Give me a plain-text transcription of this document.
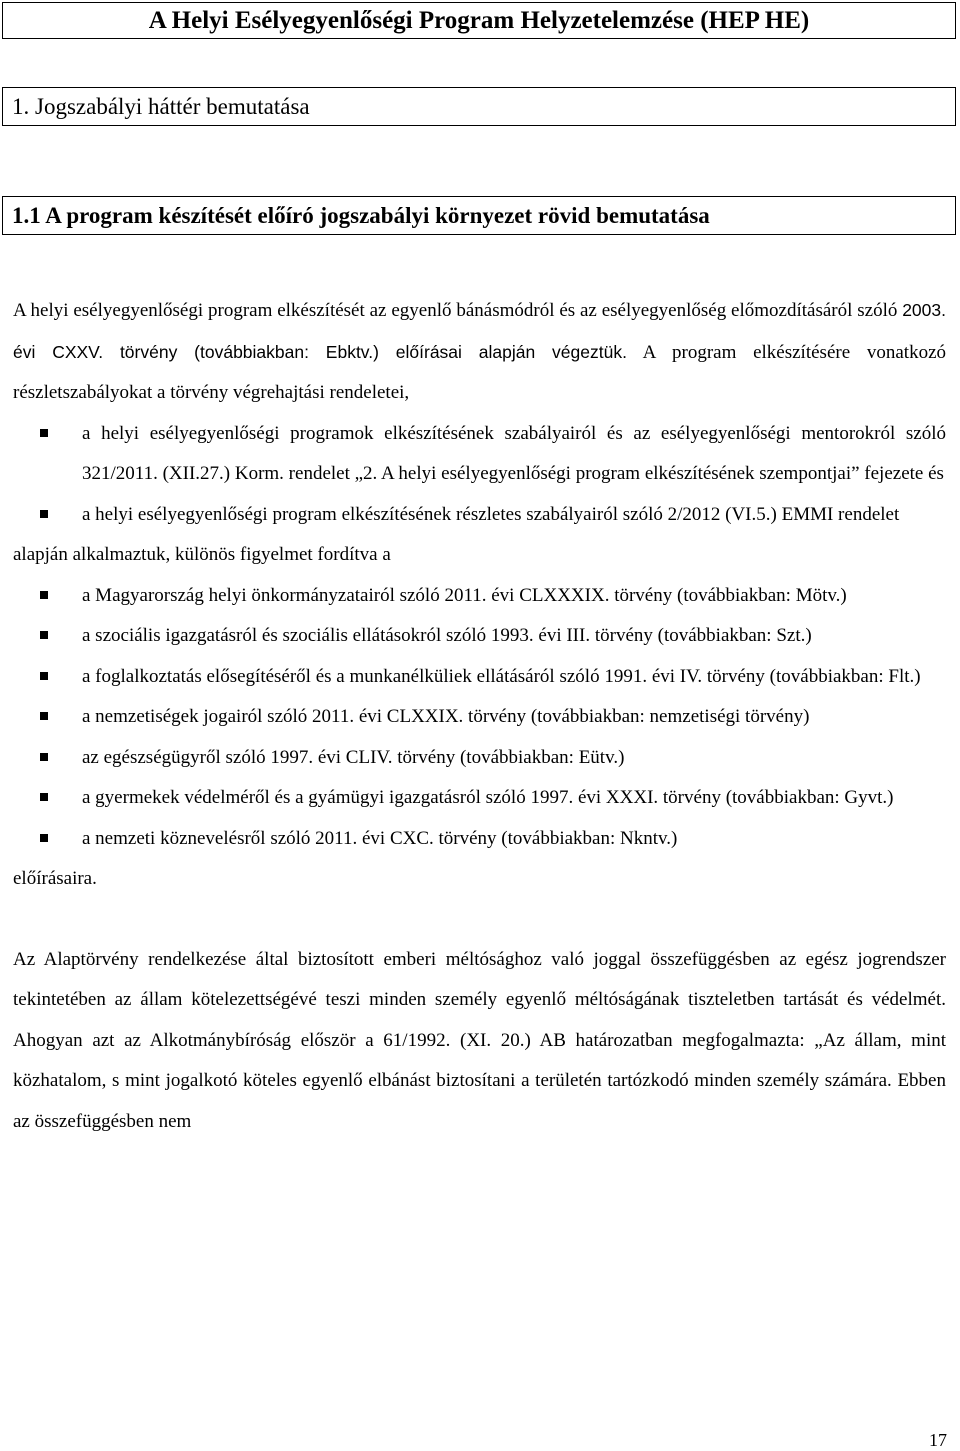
A Helyi Esélyegyenlőségi Program Helyzetelemzése (HEP HE)
1. Jogszabályi háttér bemutatása
1.1 A program készítését előíró jogszabályi környezet rövid bemutatása

A helyi esélyegyenlőségi program elkészítését az egyenlő bánásmódról és az esélyegyenlőség előmozdításáról szóló 2003. évi CXXV. törvény (továbbiakban: Ebktv.) előírásai alapján végeztük. A program elkészítésére vonatkozó részletszabályokat a törvény végrehajtási rendeletei,

a helyi esélyegyenlőségi programok elkészítésének szabályairól és az esélyegyenlőségi mentorokról szóló 321/2011. (XII.27.) Korm. rendelet „2. A helyi esélyegyenlőségi program elkészítésének szempontjai” fejezete és
a helyi esélyegyenlőségi program elkészítésének részletes szabályairól szóló 2/2012 (VI.5.) EMMI rendelet

alapján alkalmaztuk, különös figyelmet fordítva a

a Magyarország helyi önkormányzatairól szóló 2011. évi CLXXXIX. törvény (továbbiakban: Mötv.)
a szociális igazgatásról és szociális ellátásokról szóló 1993. évi III. törvény (továbbiakban: Szt.)
a foglalkoztatás elősegítéséről és a munkanélküliek ellátásáról szóló 1991. évi IV. törvény (továbbiakban: Flt.)
a nemzetiségek jogairól szóló 2011. évi CLXXIX. törvény (továbbiakban: nemzetiségi törvény)
az egészségügyről szóló 1997. évi CLIV. törvény (továbbiakban: Eütv.)
a gyermekek védelméről és a gyámügyi igazgatásról szóló 1997. évi XXXI. törvény (továbbiakban: Gyvt.)
a nemzeti köznevelésről szóló 2011. évi CXC. törvény (továbbiakban: Nkntv.)

előírásaira.

Az Alaptörvény rendelkezése által biztosított emberi méltósághoz való joggal összefüggésben az egész jogrendszer tekintetében az állam kötelezettségévé teszi minden személy egyenlő méltóságának tiszteletben tartását és védelmét. Ahogyan azt az Alkotmánybíróság először a 61/1992. (XI. 20.) AB határozatban megfogalmazta: „Az állam, mint közhatalom, s mint jogalkotó köteles egyenlő elbánást biztosítani a területén tartózkodó minden személy számára. Ebben az összefüggésben nem

17
